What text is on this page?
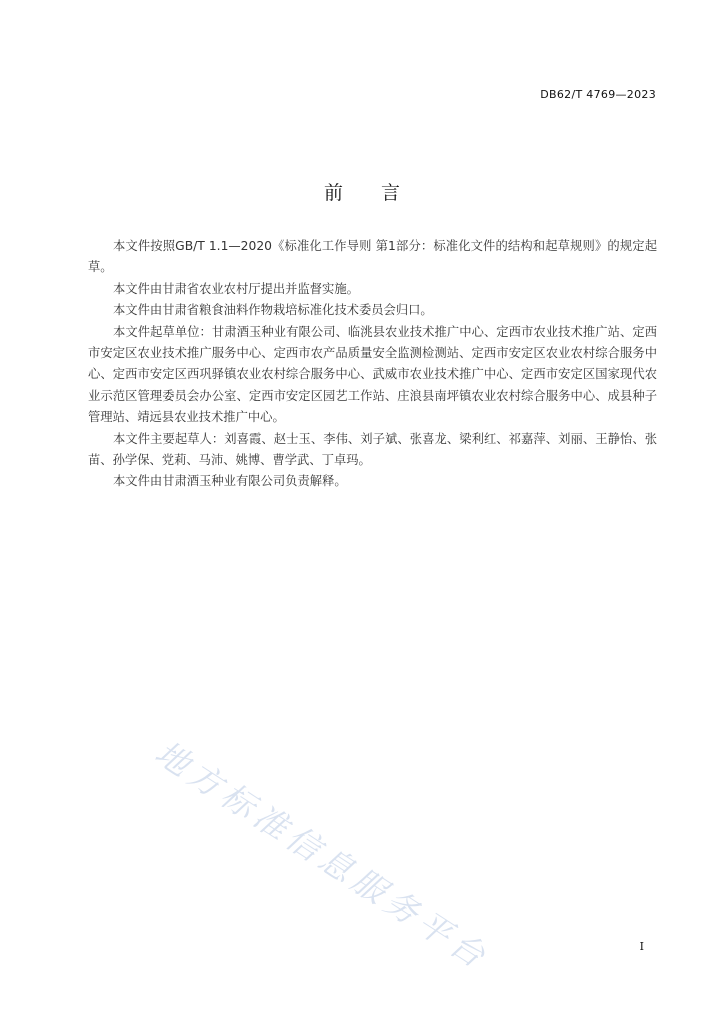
DB62/T 4769—2023
前言

本文件按照GB/T 1.1—2020《标准化工作导则 第1部分：标准化文件的结构和起草规则》的规定起草。

本文件由甘肃省农业农村厅提出并监督实施。

本文件由甘肃省粮食油料作物栽培标准化技术委员会归口。

本文件起草单位：甘肃酒玉种业有限公司、临洮县农业技术推广中心、定西市农业技术推广站、定西市安定区农业技术推广服务中心、定西市农产品质量安全监测检测站、定西市安定区农业农村综合服务中心、定西市安定区西巩驿镇农业农村综合服务中心、武威市农业技术推广中心、定西市安定区国家现代农业示范区管理委员会办公室、定西市安定区园艺工作站、庄浪县南坪镇农业农村综合服务中心、成县种子管理站、靖远县农业技术推广中心。

本文件主要起草人：刘喜霞、赵士玉、李伟、刘子斌、张喜龙、梁利红、祁嘉萍、刘丽、王静怡、张苗、孙学保、党莉、马沛、姚博、曹学武、丁卓玛。

本文件由甘肃酒玉种业有限公司负责解释。

地方标准信息服务平台	I
